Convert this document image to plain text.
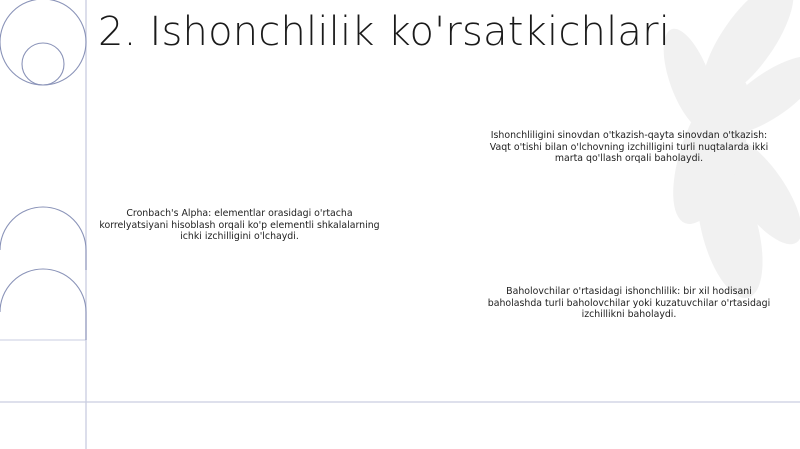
2. Ishonchlilik ko'rsatkichlari
Ishonchliligini sinovdan o'tkazish-qayta sinovdan o'tkazish: Vaqt o'tishi bilan o'lchovning izchilligini turli nuqtalarda ikki marta qo'llash orqali baholaydi.
Cronbach's Alpha: elementlar orasidagi o'rtacha korrelyatsiyani hisoblash orqali ko'p elementli shkalalarning ichki izchilligini o'lchaydi.
Baholovchilar o'rtasidagi ishonchlilik: bir xil hodisani baholashda turli baholovchilar yoki kuzatuvchilar o'rtasidagi izchillikni baholaydi.
